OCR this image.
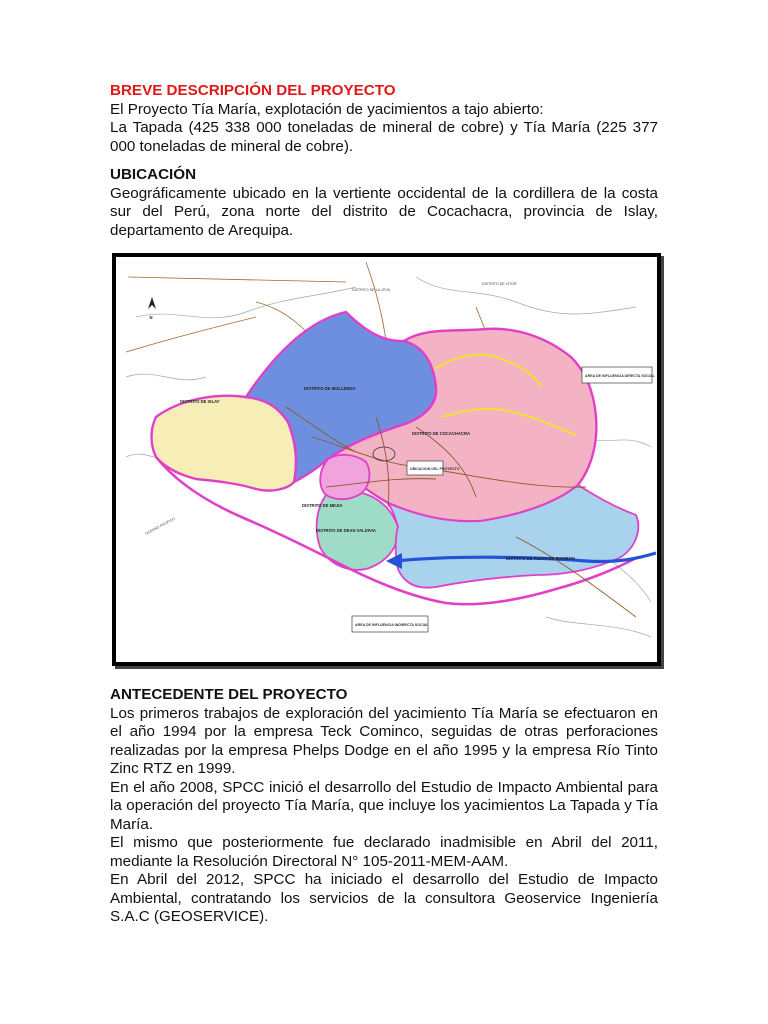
BREVE DESCRIPCIÓN DEL PROYECTO

El Proyecto Tía María, explotación de yacimientos a tajo abierto:

La Tapada (425 338 000 toneladas de mineral de cobre) y Tía María (225 377 000 toneladas de mineral de cobre).

UBICACIÓN

Geográficamente ubicado en la vertiente occidental de la cordillera de la costa sur del Perú, zona norte del distrito de Cocachacra, provincia de Islay, departamento de Arequipa.

N
DISTRITO DE ISLAY
DISTRITO DE MOLLENDO
DISTRITO DE COCACHACRA
DISTRITO DE MEJIA
DISTRITO DE DEAN VALDIVIA
DISTRITO DE PUNTA DE BOMBON
DISTRITO DE LA JOYA
DISTRITO DE VITOR
UBICACION DEL PROYECTO
OCEANO PACIFICO
AREA DE INFLUENCIA DIRECTA SOCIAL
AREA DE INFLUENCIA INDIRECTA SOCIAL

ANTECEDENTE DEL PROYECTO

Los primeros trabajos de exploración del yacimiento Tía María se efectuaron en el año 1994 por la empresa Teck Cominco, seguidas de otras perforaciones realizadas por la empresa Phelps Dodge en el año 1995 y la empresa Río Tinto Zinc RTZ en 1999.

En el año 2008, SPCC inició el desarrollo del Estudio de Impacto Ambiental para la operación del proyecto Tía María, que incluye los yacimientos La Tapada y Tía María.

El mismo que posteriormente fue declarado inadmisible en Abril del 2011, mediante la Resolución Directoral N° 105-2011-MEM-AAM.

En Abril del 2012, SPCC ha iniciado el desarrollo del Estudio de Impacto Ambiental, contratando los servicios de la consultora Geoservice Ingeniería S.A.C (GEOSERVICE).
